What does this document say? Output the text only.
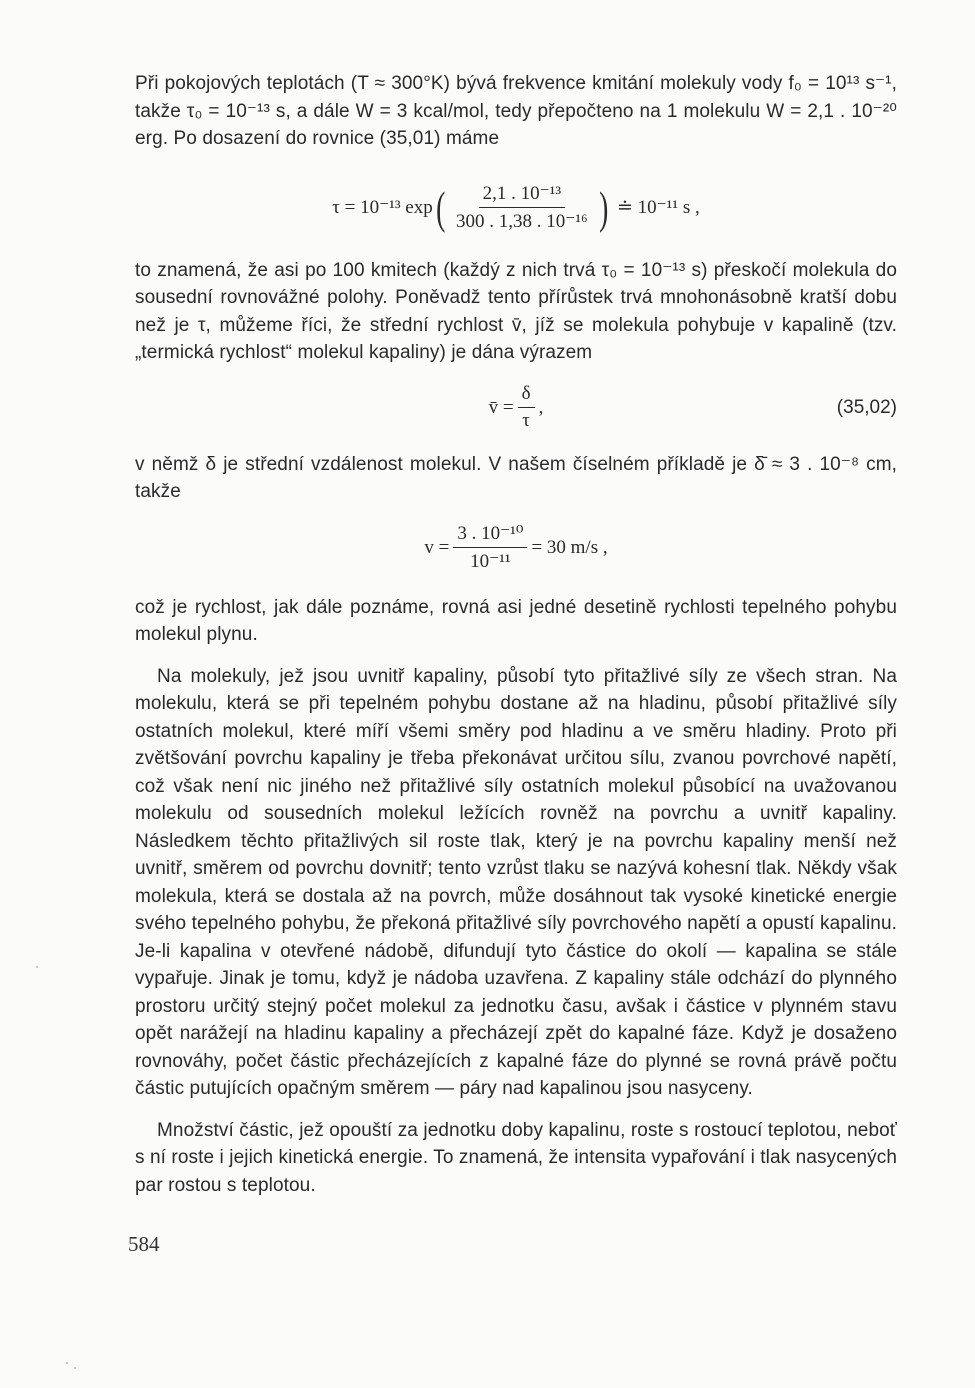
Při pokojových teplotách (T ≈ 300°K) bývá frekvence kmitání molekuly vody f₀ = 10¹³ s⁻¹, takže τ₀ = 10⁻¹³ s, a dále W = 3 kcal/mol, tedy přepočteno na 1 molekulu W = 2,1 . 10⁻²⁰ erg. Po dosazení do rovnice (35,01) máme

τ = 10⁻¹³ exp ( $\frac{\text{2,1 . 10⁻¹³}}{\text{300 . 1,38 . 10⁻¹⁶}}$ ) ≐ 10⁻¹¹ s ,

to znamená, že asi po 100 kmitech (každý z nich trvá τ₀ = 10⁻¹³ s) přeskočí molekula do sousední rovnovážné polohy. Poněvadž tento přírůstek trvá mnohonásobně kratší dobu než je τ, můžeme říci, že střední rychlost v̄, jíž se molekula pohybuje v kapalině (tzv. „termická rychlost“ molekul kapaliny) je dána výrazem

v̄ = $\frac{\delta}{\tau}$ ,	(35,02)

v němž δ je střední vzdálenost molekul. V našem číselném příkladě je δ̄ ≈ 3 . 10⁻⁸ cm, takže

$v = \frac{\text{3 . 10⁻¹⁰}}{\text{10⁻¹¹}} = 30$ m/s ,

což je rychlost, jak dále poznáme, rovná asi jedné desetině rychlosti tepelného pohybu molekul plynu.

Na molekuly, jež jsou uvnitř kapaliny, působí tyto přitažlivé síly ze všech stran. Na molekulu, která se při tepelném pohybu dostane až na hladinu, působí přitažlivé síly ostatních molekul, které míří všemi směry pod hladinu a ve směru hladiny. Proto při zvětšování povrchu kapaliny je třeba překonávat určitou sílu, zvanou povrchové napětí, což však není nic jiného než přitažlivé síly ostatních molekul působící na uvažovanou molekulu od sousedních molekul ležících rovněž na povrchu a uvnitř kapaliny. Následkem těchto přitažlivých sil roste tlak, který je na povrchu kapaliny menší než uvnitř, směrem od povrchu dovnitř; tento vzrůst tlaku se nazývá kohesní tlak. Někdy však molekula, která se dostala až na povrch, může dosáhnout tak vysoké kinetické energie svého tepelného pohybu, že překoná přitažlivé síly povrchového napětí a opustí kapalinu. Je-li kapalina v otevřené nádobě, difundují tyto částice do okolí — kapalina se stále vypařuje. Jinak je tomu, když je nádoba uzavřena. Z kapaliny stále odchází do plynného prostoru určitý stejný počet molekul za jednotku času, avšak i částice v plynném stavu opět narážejí na hladinu kapaliny a přecházejí zpět do kapalné fáze. Když je dosaženo rovnováhy, počet částic přecházejících z kapalné fáze do plynné se rovná právě počtu částic putujících opačným směrem — páry nad kapalinou jsou nasyceny.

Množství částic, jež opouští za jednotku doby kapalinu, roste s rostoucí teplotou, neboť s ní roste i jejich kinetická energie. To znamená, že intensita vypařování i tlak nasycených par rostou s teplotou.

584
